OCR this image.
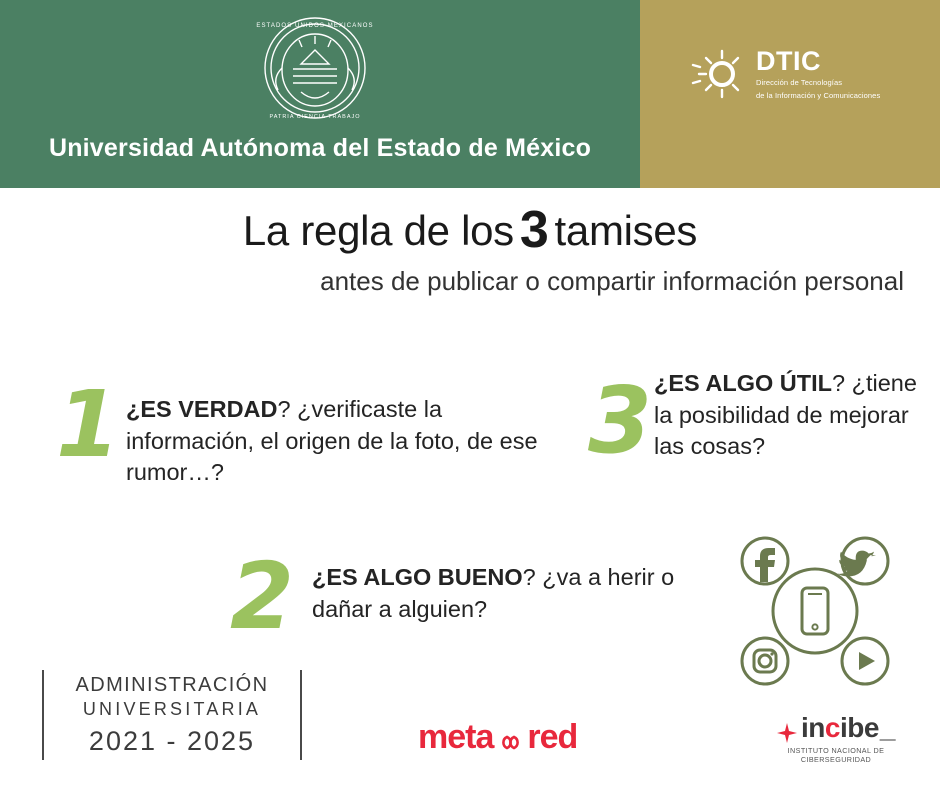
ESTADOS UNIDOS MEXICANOS
PATRIA CIENCIA TRABAJO
Universidad Autónoma del Estado de México
DTIC
Dirección de Tecnologías
de la Información y Comunicaciones
La regla de los 3 tamises
antes de publicar o compartir información personal
1 ¿ES VERDAD? ¿verificaste la información, el origen de la foto, de ese rumor…?	3 ¿ES ALGO ÚTIL? ¿tiene la posibilidad de mejorar las cosas?
2 ¿ES ALGO BUENO? ¿va a herir o dañar a alguien?
ADMINISTRACIÓN
UNIVERSITARIA
2021 - 2025	meta red	in c ibe _
INSTITUTO NACIONAL DE CIBERSEGURIDAD
